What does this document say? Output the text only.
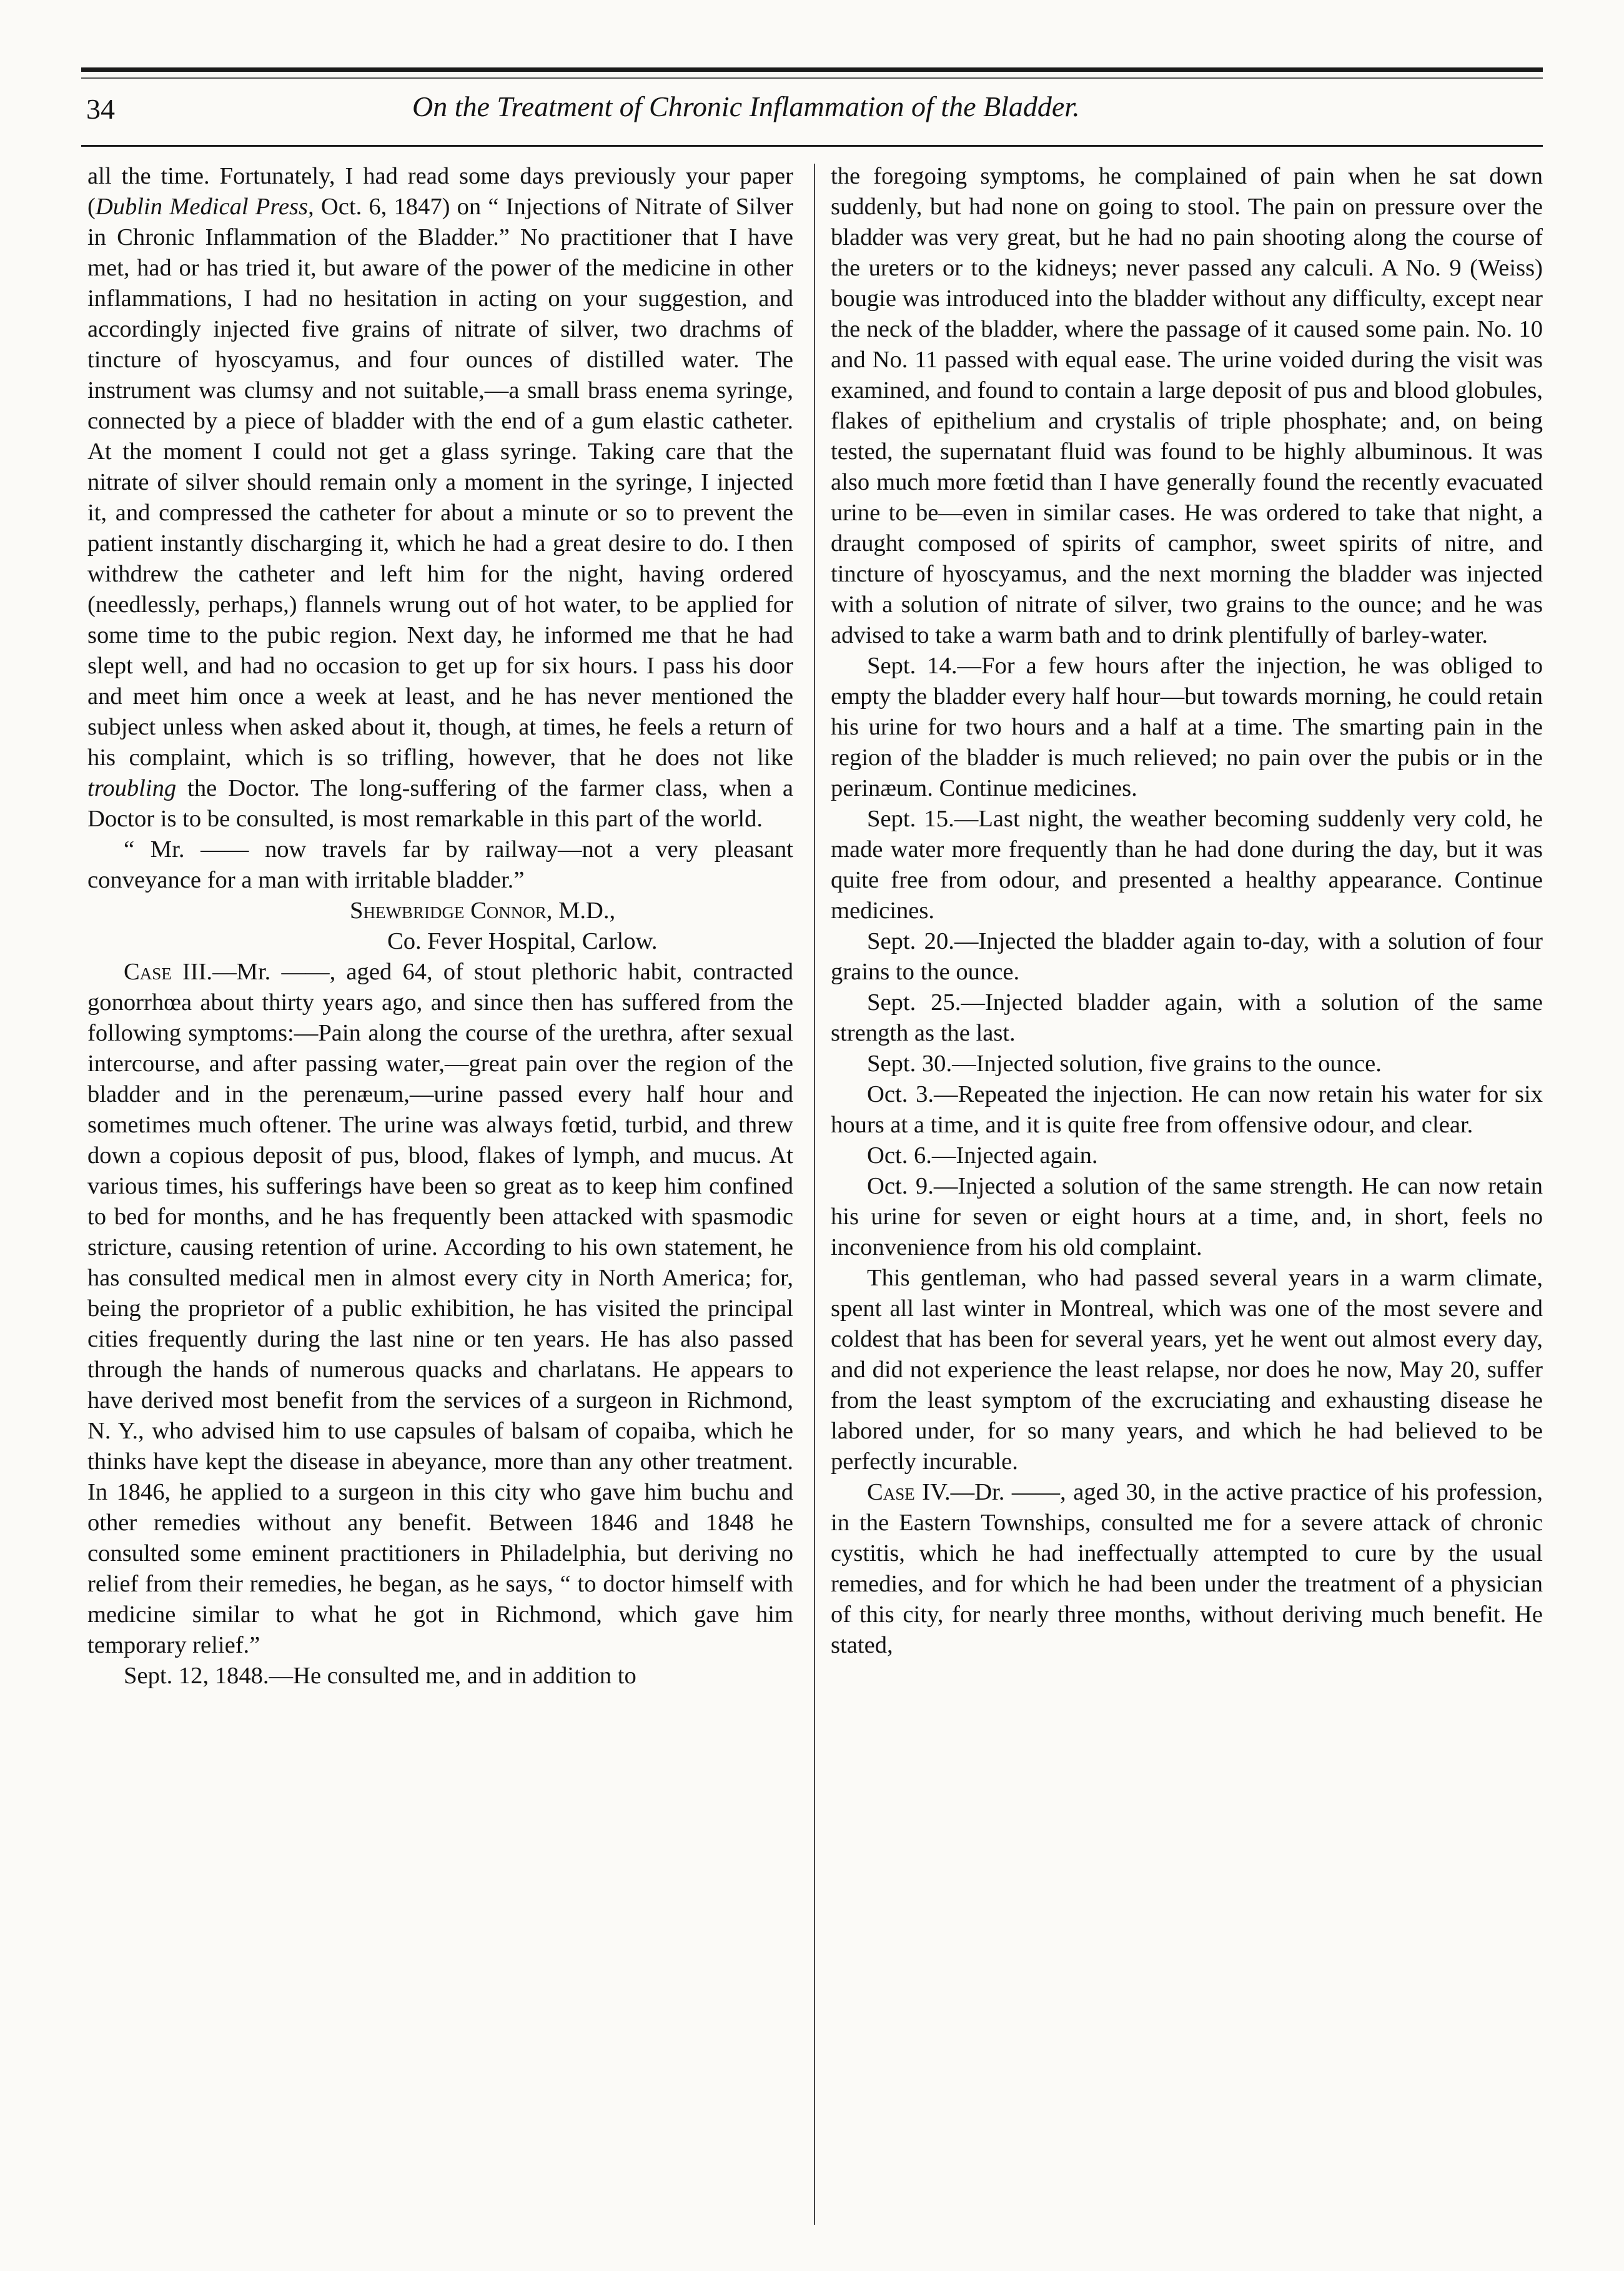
34	On the Treatment of Chronic Inflammation of the Bladder.

all the time. Fortunately, I had read some days previously your paper (Dublin Medical Press, Oct. 6, 1847) on “ Injections of Nitrate of Silver in Chronic Inflammation of the Bladder.” No practitioner that I have met, had or has tried it, but aware of the power of the medicine in other inflammations, I had no hesitation in acting on your suggestion, and accordingly injected five grains of nitrate of silver, two drachms of tincture of hyoscyamus, and four ounces of distilled water. The instrument was clumsy and not suitable,—a small brass enema syringe, connected by a piece of bladder with the end of a gum elastic catheter. At the moment I could not get a glass syringe. Taking care that the nitrate of silver should remain only a moment in the syringe, I injected it, and compressed the catheter for about a minute or so to prevent the patient instantly discharging it, which he had a great desire to do. I then withdrew the catheter and left him for the night, having ordered (needlessly, perhaps,) flannels wrung out of hot water, to be applied for some time to the pubic region. Next day, he informed me that he had slept well, and had no occasion to get up for six hours. I pass his door and meet him once a week at least, and he has never mentioned the subject unless when asked about it, though, at times, he feels a return of his complaint, which is so trifling, however, that he does not like troubling the Doctor. The long-suffering of the farmer class, when a Doctor is to be consulted, is most remarkable in this part of the world.

“ Mr. —— now travels far by railway—not a very pleasant conveyance for a man with irritable bladder.”

Shewbridge Connor, M.D.,

Co. Fever Hospital, Carlow.

Case III.—Mr. ——, aged 64, of stout plethoric habit, contracted gonorrhœa about thirty years ago, and since then has suffered from the following symptoms:—Pain along the course of the urethra, after sexual intercourse, and after passing water,—great pain over the region of the bladder and in the perenæum,—urine passed every half hour and sometimes much oftener. The urine was always fœtid, turbid, and threw down a copious deposit of pus, blood, flakes of lymph, and mucus. At various times, his sufferings have been so great as to keep him confined to bed for months, and he has frequently been attacked with spasmodic stricture, causing retention of urine. According to his own statement, he has consulted medical men in almost every city in North America; for, being the proprietor of a public exhibition, he has visited the principal cities frequently during the last nine or ten years. He has also passed through the hands of numerous quacks and charlatans. He appears to have derived most benefit from the services of a surgeon in Richmond, N. Y., who advised him to use capsules of balsam of copaiba, which he thinks have kept the disease in abeyance, more than any other treatment. In 1846, he applied to a surgeon in this city who gave him buchu and other remedies without any benefit. Between 1846 and 1848 he consulted some eminent practitioners in Philadelphia, but deriving no relief from their remedies, he began, as he says, “ to doctor himself with medicine similar to what he got in Richmond, which gave him temporary relief.”

Sept. 12, 1848.—He consulted me, and in addition to

the foregoing symptoms, he complained of pain when he sat down suddenly, but had none on going to stool. The pain on pressure over the bladder was very great, but he had no pain shooting along the course of the ureters or to the kidneys; never passed any calculi. A No. 9 (Weiss) bougie was introduced into the bladder without any difficulty, except near the neck of the bladder, where the passage of it caused some pain. No. 10 and No. 11 passed with equal ease. The urine voided during the visit was examined, and found to contain a large deposit of pus and blood globules, flakes of epithelium and crystalis of triple phosphate; and, on being tested, the supernatant fluid was found to be highly albuminous. It was also much more fœtid than I have generally found the recently evacuated urine to be—even in similar cases. He was ordered to take that night, a draught composed of spirits of camphor, sweet spirits of nitre, and tincture of hyoscyamus, and the next morning the bladder was injected with a solution of nitrate of silver, two grains to the ounce; and he was advised to take a warm bath and to drink plentifully of barley-water.

Sept. 14.—For a few hours after the injection, he was obliged to empty the bladder every half hour—but towards morning, he could retain his urine for two hours and a half at a time. The smarting pain in the region of the bladder is much relieved; no pain over the pubis or in the perinæum. Continue medicines.

Sept. 15.—Last night, the weather becoming suddenly very cold, he made water more frequently than he had done during the day, but it was quite free from odour, and presented a healthy appearance. Continue medicines.

Sept. 20.—Injected the bladder again to-day, with a solution of four grains to the ounce.

Sept. 25.—Injected bladder again, with a solution of the same strength as the last.

Sept. 30.—Injected solution, five grains to the ounce.

Oct. 3.—Repeated the injection. He can now retain his water for six hours at a time, and it is quite free from offensive odour, and clear.

Oct. 6.—Injected again.

Oct. 9.—Injected a solution of the same strength. He can now retain his urine for seven or eight hours at a time, and, in short, feels no inconvenience from his old complaint.

This gentleman, who had passed several years in a warm climate, spent all last winter in Montreal, which was one of the most severe and coldest that has been for several years, yet he went out almost every day, and did not experience the least relapse, nor does he now, May 20, suffer from the least symptom of the excruciating and exhausting disease he labored under, for so many years, and which he had believed to be perfectly incurable.

Case IV.—Dr. ——, aged 30, in the active practice of his profession, in the Eastern Townships, consulted me for a severe attack of chronic cystitis, which he had ineffectually attempted to cure by the usual remedies, and for which he had been under the treatment of a physician of this city, for nearly three months, without deriving much benefit. He stated,
